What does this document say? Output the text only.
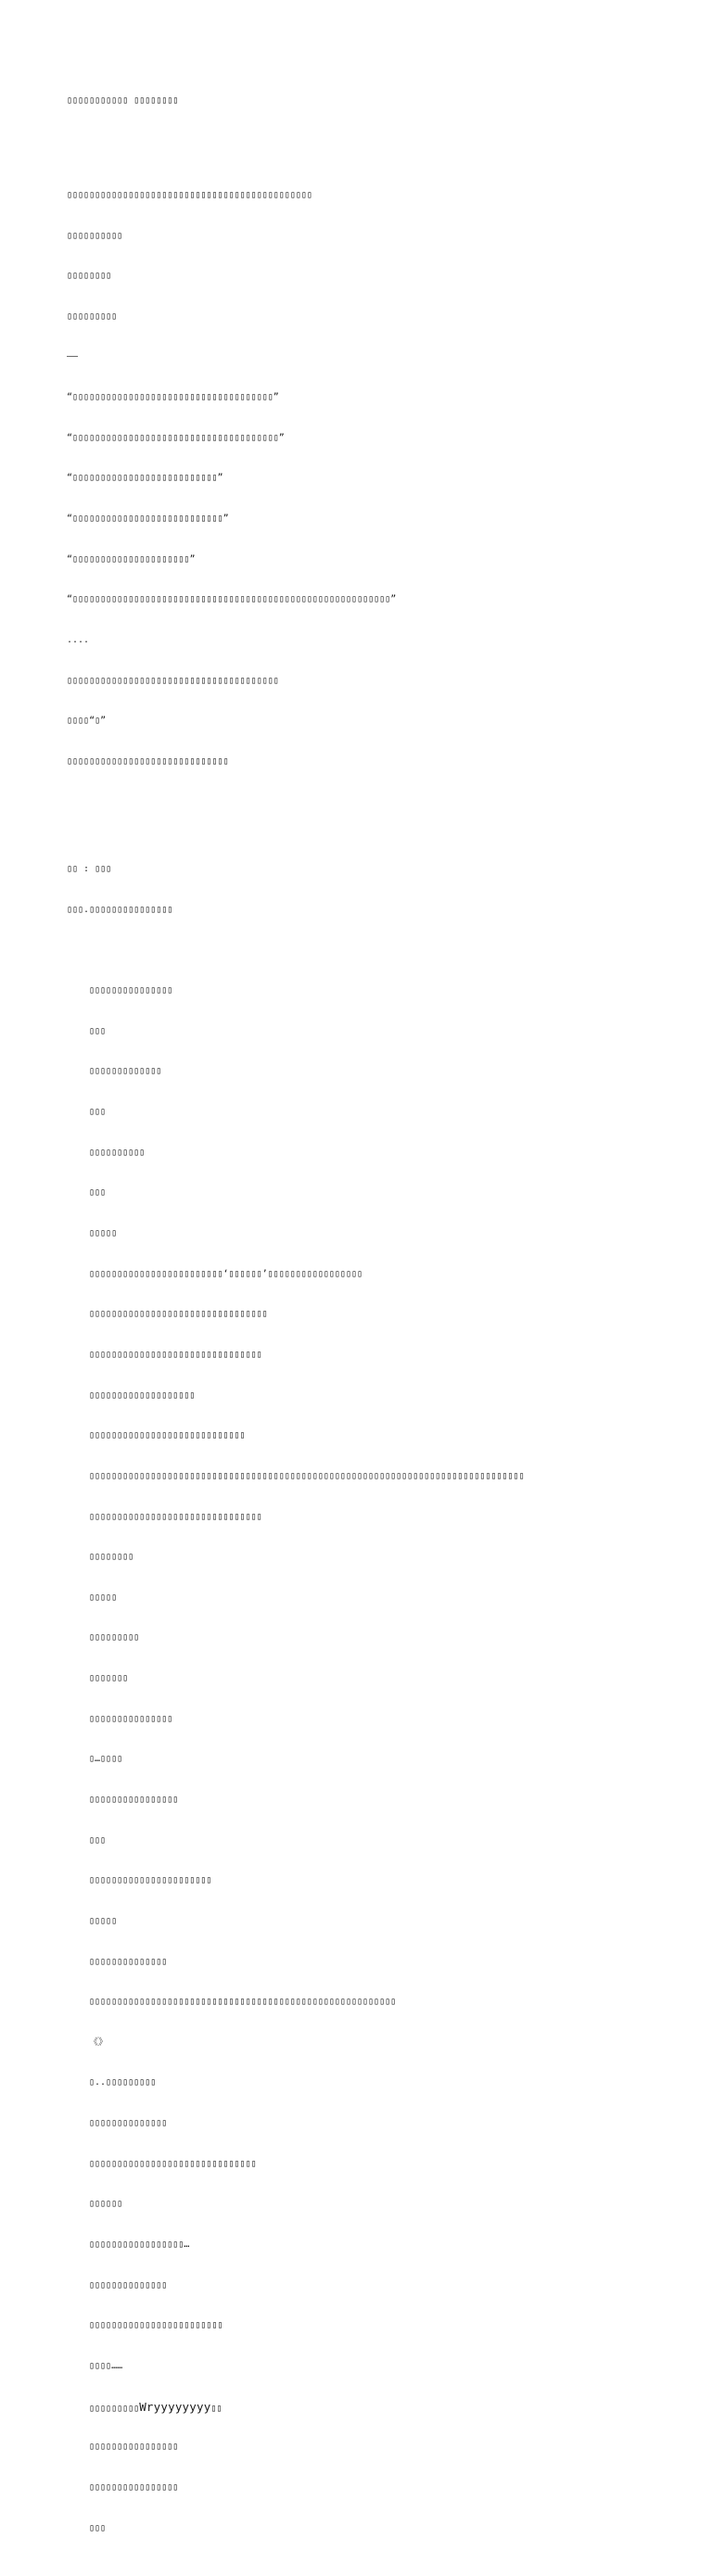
▯▯▯▯▯▯▯▯▯▯▯ ▯▯▯▯▯▯▯▯

▯▯▯▯▯▯▯▯▯▯▯▯▯▯▯▯▯▯▯▯▯▯▯▯▯▯▯▯▯▯▯▯▯▯▯▯▯▯▯▯▯▯▯▯

▯▯▯▯▯▯▯▯▯▯

▯▯▯▯▯▯▯▯

▯▯▯▯▯▯▯▯▯

——

“▯▯▯▯▯▯▯▯▯▯▯▯▯▯▯▯▯▯▯▯▯▯▯▯▯▯▯▯▯▯▯▯▯▯▯▯”

“▯▯▯▯▯▯▯▯▯▯▯▯▯▯▯▯▯▯▯▯▯▯▯▯▯▯▯▯▯▯▯▯▯▯▯▯▯”

“▯▯▯▯▯▯▯▯▯▯▯▯▯▯▯▯▯▯▯▯▯▯▯▯▯▯”

“▯▯▯▯▯▯▯▯▯▯▯▯▯▯▯▯▯▯▯▯▯▯▯▯▯▯▯”

“▯▯▯▯▯▯▯▯▯▯▯▯▯▯▯▯▯▯▯▯▯”

“▯▯▯▯▯▯▯▯▯▯▯▯▯▯▯▯▯▯▯▯▯▯▯▯▯▯▯▯▯▯▯▯▯▯▯▯▯▯▯▯▯▯▯▯▯▯▯▯▯▯▯▯▯▯▯▯▯”

....

▯▯▯▯▯▯▯▯▯▯▯▯▯▯▯▯▯▯▯▯▯▯▯▯▯▯▯▯▯▯▯▯▯▯▯▯▯▯

▯▯▯▯“▯”

▯▯▯▯▯▯▯▯▯▯▯▯▯▯▯▯▯▯▯▯▯▯▯▯▯▯▯▯▯

▯▯ : ▯▯▯

▯▯▯.▯▯▯▯▯▯▯▯▯▯▯▯▯▯▯

▯▯▯▯▯▯▯▯▯▯▯▯▯▯▯

▯▯▯

▯▯▯▯▯▯▯▯▯▯▯▯▯

▯▯▯

▯▯▯▯▯▯▯▯▯▯

▯▯▯

▯▯▯▯▯

▯▯▯▯▯▯▯▯▯▯▯▯▯▯▯▯▯▯▯▯▯▯▯▯‘▯▯▯▯▯▯’▯▯▯▯▯▯▯▯▯▯▯▯▯▯▯▯▯

▯▯▯▯▯▯▯▯▯▯▯▯▯▯▯▯▯▯▯▯▯▯▯▯▯▯▯▯▯▯▯▯

▯▯▯▯▯▯▯▯▯▯▯▯▯▯▯▯▯▯▯▯▯▯▯▯▯▯▯▯▯▯▯

▯▯▯▯▯▯▯▯▯▯▯▯▯▯▯▯▯▯▯

▯▯▯▯▯▯▯▯▯▯▯▯▯▯▯▯▯▯▯▯▯▯▯▯▯▯▯▯

▯▯▯▯▯▯▯▯▯▯▯▯▯▯▯▯▯▯▯▯▯▯▯▯▯▯▯▯▯▯▯▯▯▯▯▯▯▯▯▯▯▯▯▯▯▯▯▯▯▯▯▯▯▯▯▯▯▯▯▯▯▯▯▯▯▯▯▯▯▯▯▯▯▯▯▯▯▯

▯▯▯▯▯▯▯▯▯▯▯▯▯▯▯▯▯▯▯▯▯▯▯▯▯▯▯▯▯▯▯

▯▯▯▯▯▯▯▯

▯▯▯▯▯

▯▯▯▯▯▯▯▯▯

▯▯▯▯▯▯▯

▯▯▯▯▯▯▯▯▯▯▯▯▯▯▯

▯…▯▯▯▯

▯▯▯▯▯▯▯▯▯▯▯▯▯▯▯▯

▯▯▯

▯▯▯▯▯▯▯▯▯▯▯▯▯▯▯▯▯▯▯▯▯▯

▯▯▯▯▯

▯▯▯▯▯▯▯▯▯▯▯▯▯▯

▯▯▯▯▯▯▯▯▯▯▯▯▯▯▯▯▯▯▯▯▯▯▯▯▯▯▯▯▯▯▯▯▯▯▯▯▯▯▯▯▯▯▯▯▯▯▯▯▯▯▯▯▯▯▯

《》

▯..▯▯▯▯▯▯▯▯▯

▯▯▯▯▯▯▯▯▯▯▯▯▯▯

▯▯▯▯▯▯▯▯▯▯▯▯▯▯▯▯▯▯▯▯▯▯▯▯▯▯▯▯▯▯

▯▯▯▯▯▯

▯▯▯▯▯▯▯▯▯▯▯▯▯▯▯▯▯…

▯▯▯▯▯▯▯▯▯▯▯▯▯▯

▯▯▯▯▯▯▯▯▯▯▯▯▯▯▯▯▯▯▯▯▯▯▯▯

▯▯▯▯……

▯▯▯▯▯▯▯▯▯Wryyyyyyyy▯▯

▯▯▯▯▯▯▯▯▯▯▯▯▯▯▯▯

▯▯▯▯▯▯▯▯▯▯▯▯▯▯▯▯

▯▯▯
